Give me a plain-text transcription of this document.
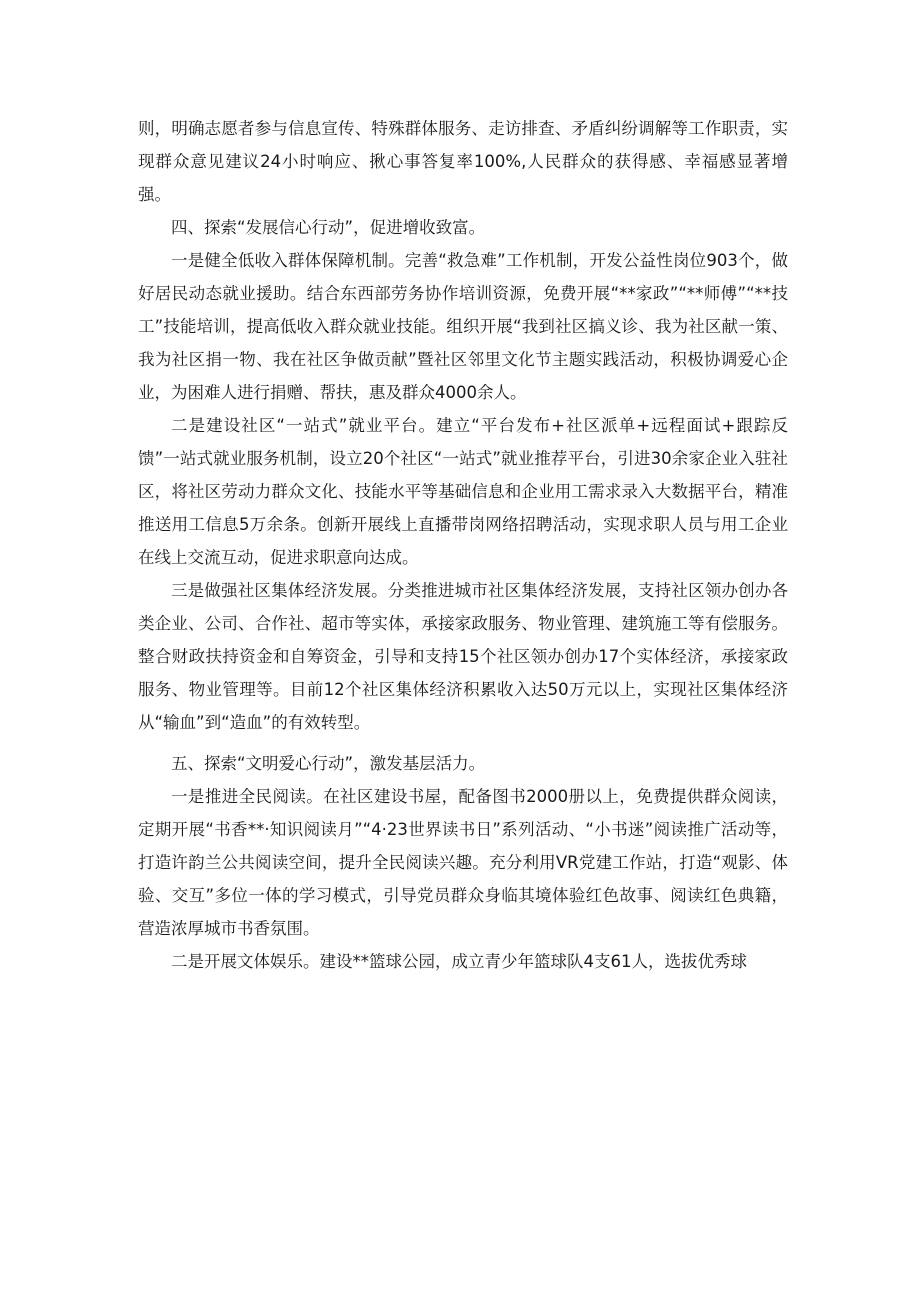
则，明确志愿者参与信息宣传、特殊群体服务、走访排查、矛盾纠纷调解等工作职责，实现群众意见建议24小时响应、揪心事答复率100%,人民群众的获得感、幸福感显著增强。

四、探索“发展信心行动”，促进增收致富。

一是健全低收入群体保障机制。完善“救急难”工作机制，开发公益性岗位903个，做好居民动态就业援助。结合东西部劳务协作培训资源，免费开展“**家政”“**师傅”“**技工”技能培训，提高低收入群众就业技能。组织开展“我到社区搞义诊、我为社区献一策、我为社区捐一物、我在社区争做贡献”暨社区邻里文化节主题实践活动，积极协调爱心企业，为困难人进行捐赠、帮扶，惠及群众4000余人。

二是建设社区“一站式”就业平台。建立“平台发布+社区派单+远程面试+跟踪反馈”一站式就业服务机制，设立20个社区“一站式”就业推荐平台，引进30余家企业入驻社区，将社区劳动力群众文化、技能水平等基础信息和企业用工需求录入大数据平台，精准推送用工信息5万余条。创新开展线上直播带岗网络招聘活动，实现求职人员与用工企业在线上交流互动，促进求职意向达成。

三是做强社区集体经济发展。分类推进城市社区集体经济发展，支持社区领办创办各类企业、公司、合作社、超市等实体，承接家政服务、物业管理、建筑施工等有偿服务。整合财政扶持资金和自筹资金，引导和支持15个社区领办创办17个实体经济，承接家政服务、物业管理等。目前12个社区集体经济积累收入达50万元以上，实现社区集体经济从“输血”到“造血”的有效转型。

五、探索“文明爱心行动”，激发基层活力。

一是推进全民阅读。在社区建设书屋，配备图书2000册以上，免费提供群众阅读，定期开展“书香**·知识阅读月”“4·23世界读书日”系列活动、“小书迷”阅读推广活动等，打造许韵兰公共阅读空间，提升全民阅读兴趣。充分利用VR党建工作站，打造“观影、体验、交互”多位一体的学习模式，引导党员群众身临其境体验红色故事、阅读红色典籍，营造浓厚城市书香氛围。

二是开展文体娱乐。建设**篮球公园，成立青少年篮球队4支61人，选拔优秀球
